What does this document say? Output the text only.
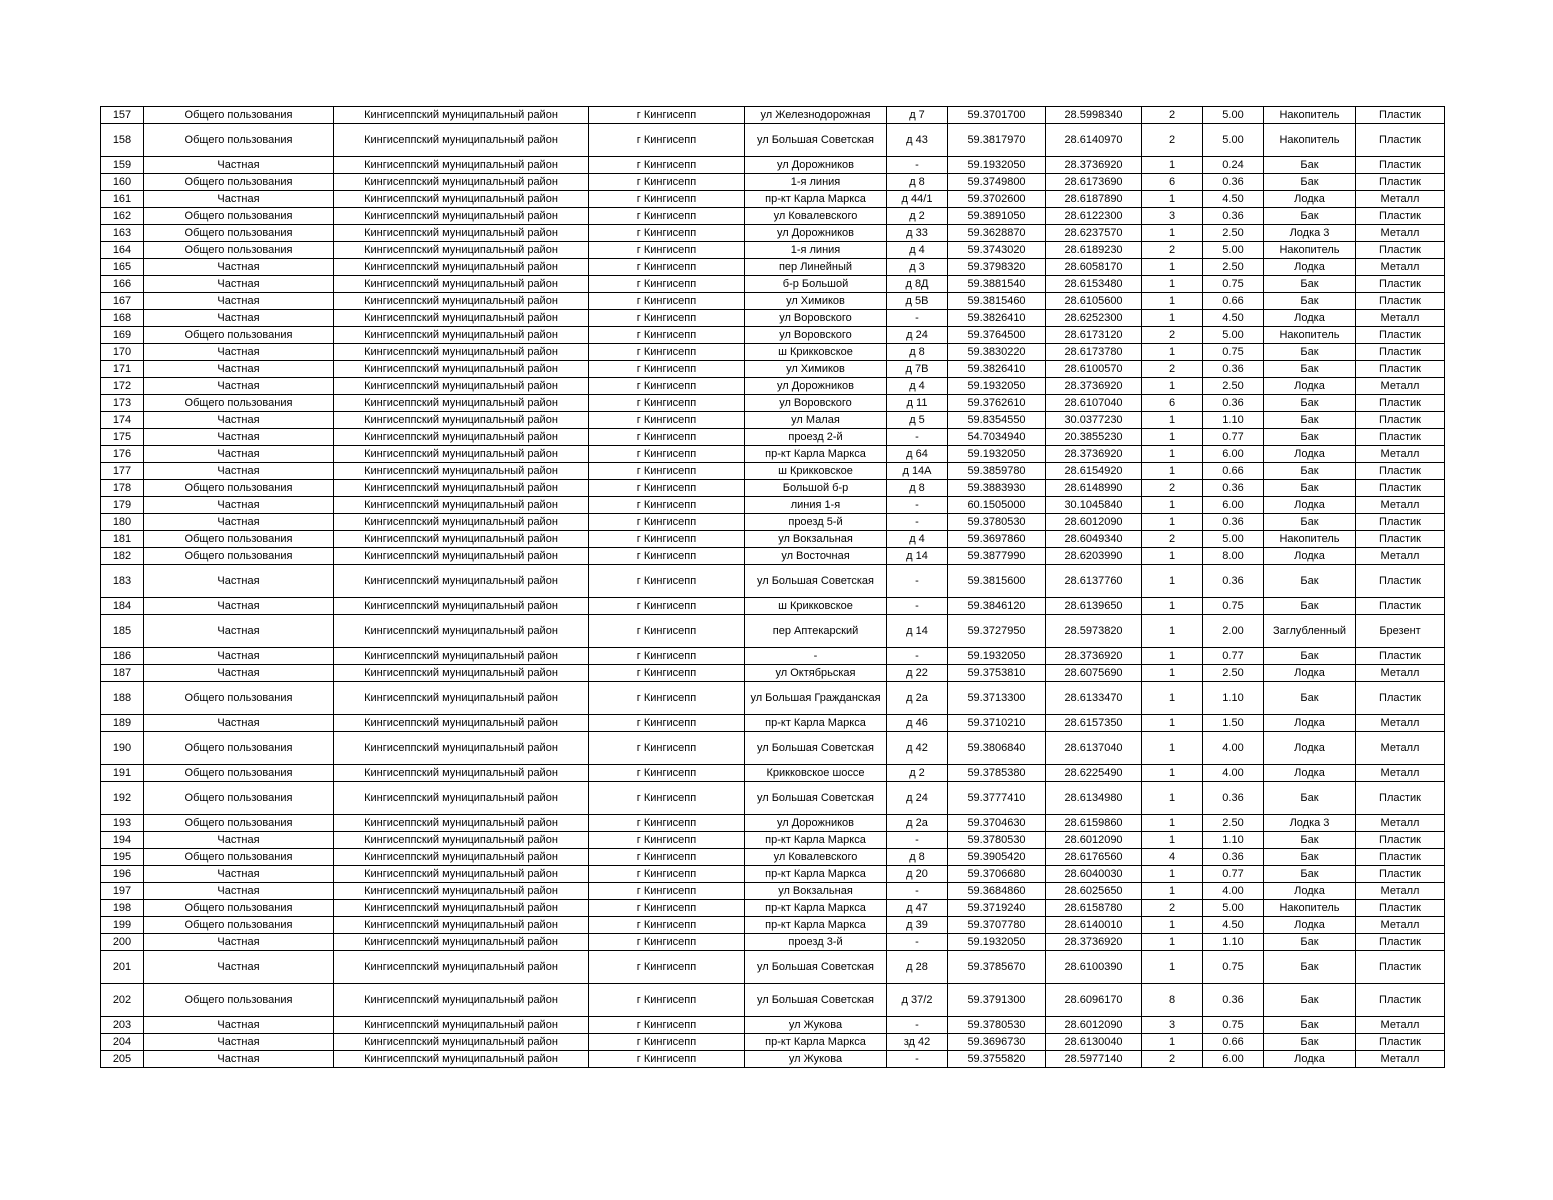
157	Общего пользования	Кингисеппский муниципальный район	г Кингисепп	ул Железнодорожная	д 7	59.3701700	28.5998340	2	5.00	Накопитель	Пластик
158	Общего пользования	Кингисеппский муниципальный район	г Кингисепп	ул Большая Советская	д 43	59.3817970	28.6140970	2	5.00	Накопитель	Пластик
159	Частная	Кингисеппский муниципальный район	г Кингисепп	ул Дорожников	-	59.1932050	28.3736920	1	0.24	Бак	Пластик
160	Общего пользования	Кингисеппский муниципальный район	г Кингисепп	1-я линия	д 8	59.3749800	28.6173690	6	0.36	Бак	Пластик
161	Частная	Кингисеппский муниципальный район	г Кингисепп	пр-кт Карла Маркса	д 44/1	59.3702600	28.6187890	1	4.50	Лодка	Металл
162	Общего пользования	Кингисеппский муниципальный район	г Кингисепп	ул Ковалевского	д 2	59.3891050	28.6122300	3	0.36	Бак	Пластик
163	Общего пользования	Кингисеппский муниципальный район	г Кингисепп	ул Дорожников	д 33	59.3628870	28.6237570	1	2.50	Лодка 3	Металл
164	Общего пользования	Кингисеппский муниципальный район	г Кингисепп	1-я линия	д 4	59.3743020	28.6189230	2	5.00	Накопитель	Пластик
165	Частная	Кингисеппский муниципальный район	г Кингисепп	пер Линейный	д 3	59.3798320	28.6058170	1	2.50	Лодка	Металл
166	Частная	Кингисеппский муниципальный район	г Кингисепп	б-р Большой	д 8Д	59.3881540	28.6153480	1	0.75	Бак	Пластик
167	Частная	Кингисеппский муниципальный район	г Кингисепп	ул Химиков	д 5В	59.3815460	28.6105600	1	0.66	Бак	Пластик
168	Частная	Кингисеппский муниципальный район	г Кингисепп	ул Воровского	-	59.3826410	28.6252300	1	4.50	Лодка	Металл
169	Общего пользования	Кингисеппский муниципальный район	г Кингисепп	ул Воровского	д 24	59.3764500	28.6173120	2	5.00	Накопитель	Пластик
170	Частная	Кингисеппский муниципальный район	г Кингисепп	ш Крикковское	д 8	59.3830220	28.6173780	1	0.75	Бак	Пластик
171	Частная	Кингисеппский муниципальный район	г Кингисепп	ул Химиков	д 7В	59.3826410	28.6100570	2	0.36	Бак	Пластик
172	Частная	Кингисеппский муниципальный район	г Кингисепп	ул Дорожников	д 4	59.1932050	28.3736920	1	2.50	Лодка	Металл
173	Общего пользования	Кингисеппский муниципальный район	г Кингисепп	ул Воровского	д 11	59.3762610	28.6107040	6	0.36	Бак	Пластик
174	Частная	Кингисеппский муниципальный район	г Кингисепп	ул Малая	д 5	59.8354550	30.0377230	1	1.10	Бак	Пластик
175	Частная	Кингисеппский муниципальный район	г Кингисепп	проезд 2-й	-	54.7034940	20.3855230	1	0.77	Бак	Пластик
176	Частная	Кингисеппский муниципальный район	г Кингисепп	пр-кт Карла Маркса	д 64	59.1932050	28.3736920	1	6.00	Лодка	Металл
177	Частная	Кингисеппский муниципальный район	г Кингисепп	ш Крикковское	д 14А	59.3859780	28.6154920	1	0.66	Бак	Пластик
178	Общего пользования	Кингисеппский муниципальный район	г Кингисепп	Большой б-р	д 8	59.3883930	28.6148990	2	0.36	Бак	Пластик
179	Частная	Кингисеппский муниципальный район	г Кингисепп	линия 1-я	-	60.1505000	30.1045840	1	6.00	Лодка	Металл
180	Частная	Кингисеппский муниципальный район	г Кингисепп	проезд 5-й	-	59.3780530	28.6012090	1	0.36	Бак	Пластик
181	Общего пользования	Кингисеппский муниципальный район	г Кингисепп	ул Вокзальная	д 4	59.3697860	28.6049340	2	5.00	Накопитель	Пластик
182	Общего пользования	Кингисеппский муниципальный район	г Кингисепп	ул Восточная	д 14	59.3877990	28.6203990	1	8.00	Лодка	Металл
183	Частная	Кингисеппский муниципальный район	г Кингисепп	ул Большая Советская	-	59.3815600	28.6137760	1	0.36	Бак	Пластик
184	Частная	Кингисеппский муниципальный район	г Кингисепп	ш Крикковское	-	59.3846120	28.6139650	1	0.75	Бак	Пластик
185	Частная	Кингисеппский муниципальный район	г Кингисепп	пер Аптекарский	д 14	59.3727950	28.5973820	1	2.00	Заглубленный	Брезент
186	Частная	Кингисеппский муниципальный район	г Кингисепп	-	-	59.1932050	28.3736920	1	0.77	Бак	Пластик
187	Частная	Кингисеппский муниципальный район	г Кингисепп	ул Октябрьская	д 22	59.3753810	28.6075690	1	2.50	Лодка	Металл
188	Общего пользования	Кингисеппский муниципальный район	г Кингисепп	ул Большая Гражданская	д 2а	59.3713300	28.6133470	1	1.10	Бак	Пластик
189	Частная	Кингисеппский муниципальный район	г Кингисепп	пр-кт Карла Маркса	д 46	59.3710210	28.6157350	1	1.50	Лодка	Металл
190	Общего пользования	Кингисеппский муниципальный район	г Кингисепп	ул Большая Советская	д 42	59.3806840	28.6137040	1	4.00	Лодка	Металл
191	Общего пользования	Кингисеппский муниципальный район	г Кингисепп	Крикковское шоссе	д 2	59.3785380	28.6225490	1	4.00	Лодка	Металл
192	Общего пользования	Кингисеппский муниципальный район	г Кингисепп	ул Большая Советская	д 24	59.3777410	28.6134980	1	0.36	Бак	Пластик
193	Общего пользования	Кингисеппский муниципальный район	г Кингисепп	ул Дорожников	д 2а	59.3704630	28.6159860	1	2.50	Лодка 3	Металл
194	Частная	Кингисеппский муниципальный район	г Кингисепп	пр-кт Карла Маркса	-	59.3780530	28.6012090	1	1.10	Бак	Пластик
195	Общего пользования	Кингисеппский муниципальный район	г Кингисепп	ул Ковалевского	д 8	59.3905420	28.6176560	4	0.36	Бак	Пластик
196	Частная	Кингисеппский муниципальный район	г Кингисепп	пр-кт Карла Маркса	д 20	59.3706680	28.6040030	1	0.77	Бак	Пластик
197	Частная	Кингисеппский муниципальный район	г Кингисепп	ул Вокзальная	-	59.3684860	28.6025650	1	4.00	Лодка	Металл
198	Общего пользования	Кингисеппский муниципальный район	г Кингисепп	пр-кт Карла Маркса	д 47	59.3719240	28.6158780	2	5.00	Накопитель	Пластик
199	Общего пользования	Кингисеппский муниципальный район	г Кингисепп	пр-кт Карла Маркса	д 39	59.3707780	28.6140010	1	4.50	Лодка	Металл
200	Частная	Кингисеппский муниципальный район	г Кингисепп	проезд 3-й	-	59.1932050	28.3736920	1	1.10	Бак	Пластик
201	Частная	Кингисеппский муниципальный район	г Кингисепп	ул Большая Советская	д 28	59.3785670	28.6100390	1	0.75	Бак	Пластик
202	Общего пользования	Кингисеппский муниципальный район	г Кингисепп	ул Большая Советская	д 37/2	59.3791300	28.6096170	8	0.36	Бак	Пластик
203	Частная	Кингисеппский муниципальный район	г Кингисепп	ул Жукова	-	59.3780530	28.6012090	3	0.75	Бак	Металл
204	Частная	Кингисеппский муниципальный район	г Кингисепп	пр-кт Карла Маркса	зд 42	59.3696730	28.6130040	1	0.66	Бак	Пластик
205	Частная	Кингисеппский муниципальный район	г Кингисепп	ул Жукова	-	59.3755820	28.5977140	2	6.00	Лодка	Металл
